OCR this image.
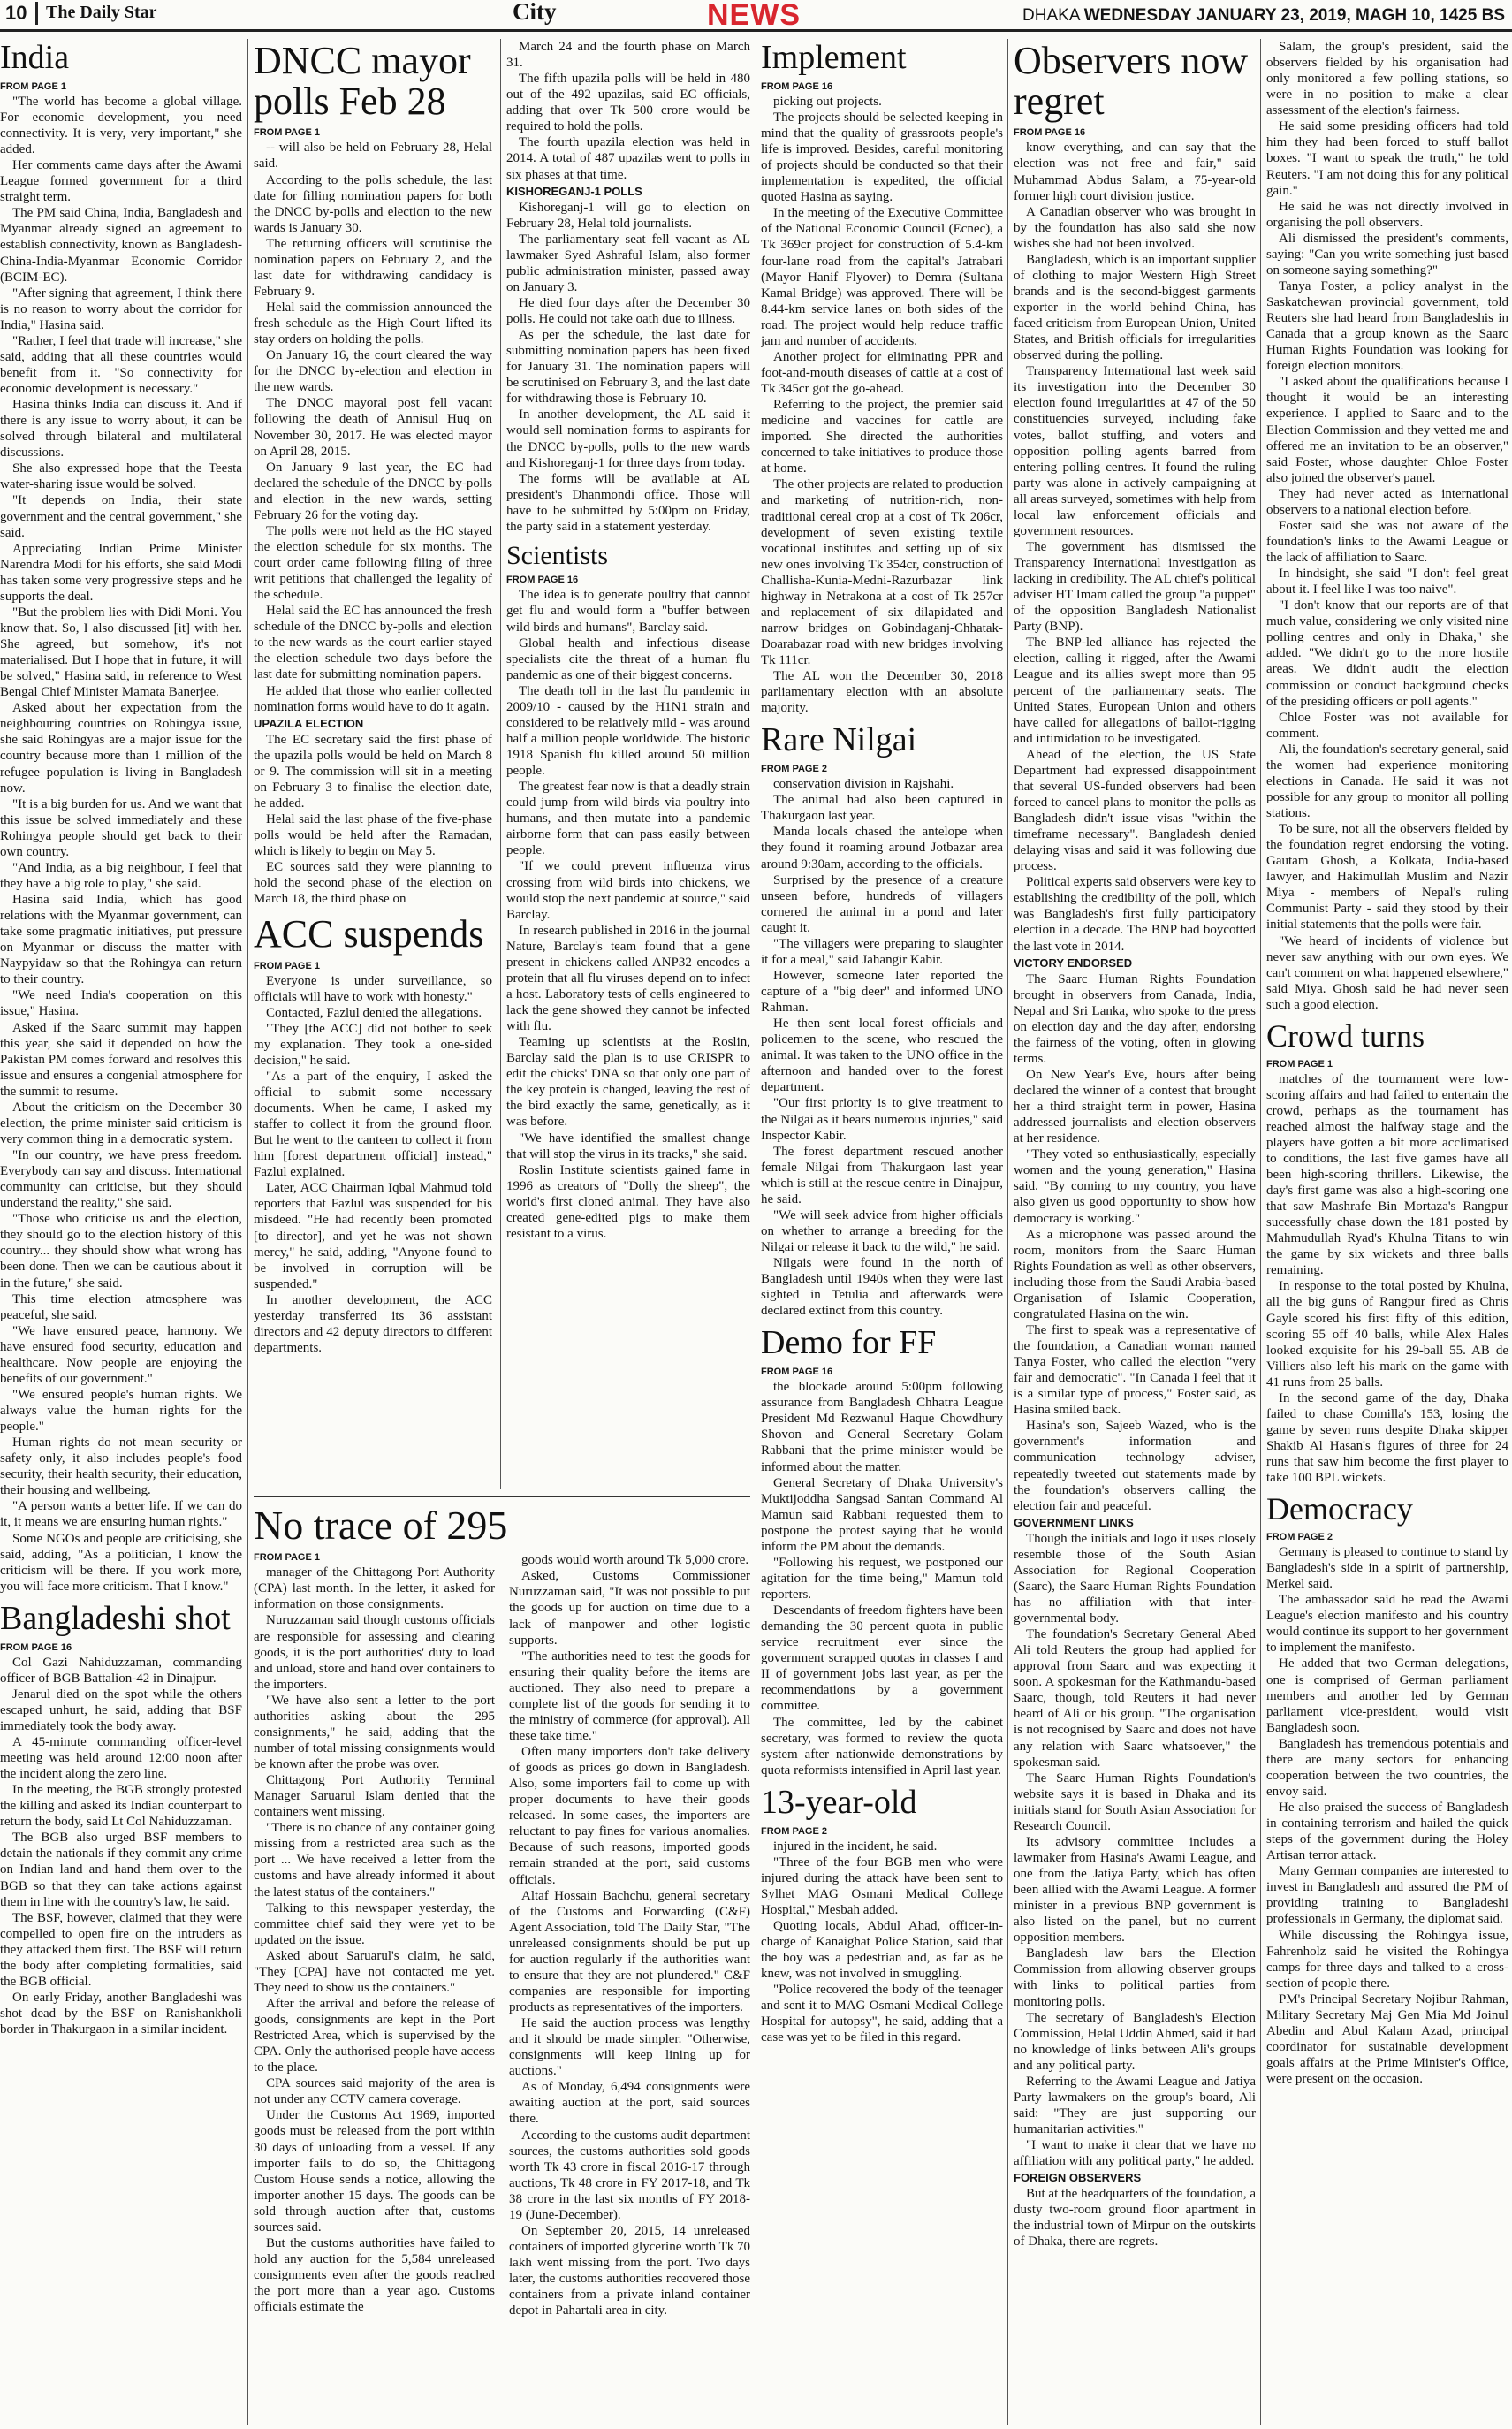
10	The Daily Star	City	NEWS	DHAKA WEDNESDAY JANUARY 23, 2019, MAGH 10, 1425 BS
India
FROM PAGE 1

"The world has become a global village. For economic development, you need connectivity. It is very, very important," she added.

Her comments came days after the Awami League formed government for a third straight term.

The PM said China, India, Bangladesh and Myanmar already signed an agreement to establish connectivity, known as Bangladesh-China-India-Myanmar Economic Corridor (BCIM-EC).

"After signing that agreement, I think there is no reason to worry about the corridor for India," Hasina said.

"Rather, I feel that trade will increase," she said, adding that all these countries would benefit from it. "So connectivity for economic development is necessary."

Hasina thinks India can discuss it. And if there is any issue to worry about, it can be solved through bilateral and multilateral discussions.

She also expressed hope that the Teesta water-sharing issue would be solved.

"It depends on India, their state government and the central government," she said.

Appreciating Indian Prime Minister Narendra Modi for his efforts, she said Modi has taken some very progressive steps and he supports the deal.

"But the problem lies with Didi Moni. You know that. So, I also discussed [it] with her. She agreed, but somehow, it's not materialised. But I hope that in future, it will be solved," Hasina said, in reference to West Bengal Chief Minister Mamata Banerjee.

Asked about her expectation from the neighbouring countries on Rohingya issue, she said Rohingyas are a major issue for the country because more than 1 million of the refugee population is living in Bangladesh now.

"It is a big burden for us. And we want that this issue be solved immediately and these Rohingya people should get back to their own country.

"And India, as a big neighbour, I feel that they have a big role to play," she said.

Hasina said India, which has good relations with the Myanmar government, can take some pragmatic initiatives, put pressure on Myanmar or discuss the matter with Naypyidaw so that the Rohingya can return to their country.

"We need India's cooperation on this issue," Hasina.

Asked if the Saarc summit may happen this year, she said it depended on how the Pakistan PM comes forward and resolves this issue and ensures a congenial atmosphere for the summit to resume.

About the criticism on the December 30 election, the prime minister said criticism is very common thing in a democratic system.

"In our country, we have press freedom. Everybody can say and discuss. International community can criticise, but they should understand the reality," she said.

"Those who criticise us and the election, they should go to the election history of this country... they should show what wrong has been done. Then we can be cautious about it in the future," she said.

This time election atmosphere was peaceful, she said.

"We have ensured peace, harmony. We have ensured food security, education and healthcare. Now people are enjoying the benefits of our government."

"We ensured people's human rights. We always value the human rights for the people."

Human rights do not mean security or safety only, it also includes people's food security, their health security, their education, their housing and wellbeing.

"A person wants a better life. If we can do it, it means we are ensuring human rights."

Some NGOs and people are criticising, she said, adding, "As a politician, I know the criticism will be there. If you work more, you will face more criticism. That I know."

Bangladeshi shot
FROM PAGE 16

Col Gazi Nahiduzzaman, commanding officer of BGB Battalion-42 in Dinajpur.

Jenarul died on the spot while the others escaped unhurt, he said, adding that BSF immediately took the body away.

A 45-minute commanding officer-level meeting was held around 12:00 noon after the incident along the zero line.

In the meeting, the BGB strongly protested the killing and asked its Indian counterpart to return the body, said Lt Col Nahiduzzaman.

The BGB also urged BSF members to detain the nationals if they commit any crime on Indian land and hand them over to the BGB so that they can take actions against them in line with the country's law, he said.

The BSF, however, claimed that they were compelled to open fire on the intruders as they attacked them first. The BSF will return the body after completing formalities, said the BGB official.

On early Friday, another Bangladeshi was shot dead by the BSF on Ranishankholi border in Thakurgaon in a similar incident.

DNCC mayor polls Feb 28
FROM PAGE 1

-- will also be held on February 28, Helal said.

According to the polls schedule, the last date for filling nomination papers for both the DNCC by-polls and election to the new wards is January 30.

The returning officers will scrutinise the nomination papers on February 2, and the last date for withdrawing candidacy is February 9.

Helal said the commission announced the fresh schedule as the High Court lifted its stay orders on holding the polls.

On January 16, the court cleared the way for the DNCC by-election and election in the new wards.

The DNCC mayoral post fell vacant following the death of Annisul Huq on November 30, 2017. He was elected mayor on April 28, 2015.

On January 9 last year, the EC had declared the schedule of the DNCC by-polls and election in the new wards, setting February 26 for the voting day.

The polls were not held as the HC stayed the election schedule for six months. The court order came following filing of three writ petitions that challenged the legality of the schedule.

Helal said the EC has announced the fresh schedule of the DNCC by-polls and election to the new wards as the court earlier stayed the election schedule two days before the last date for submitting nomination papers.

He added that those who earlier collected nomination forms would have to do it again.

UPAZILA ELECTION

The EC secretary said the first phase of the upazila polls would be held on March 8 or 9. The commission will sit in a meeting on February 3 to finalise the election date, he added.

Helal said the last phase of the five-phase polls would be held after the Ramadan, which is likely to begin on May 5.

EC sources said they were planning to hold the second phase of the election on March 18, the third phase on

ACC suspends
FROM PAGE 1

Everyone is under surveillance, so officials will have to work with honesty."

Contacted, Fazlul denied the allegations.

"They [the ACC] did not bother to seek my explanation. They took a one-sided decision," he said.

"As a part of the enquiry, I asked the official to submit some necessary documents. When he came, I asked my staffer to collect it from the ground floor. But he went to the canteen to collect it from him [forest department official] instead," Fazlul explained.

Later, ACC Chairman Iqbal Mahmud told reporters that Fazlul was suspended for his misdeed. "He had recently been promoted [to director], and yet he was not shown mercy," he said, adding, "Anyone found to be involved in corruption will be suspended."

In another development, the ACC yesterday transferred its 36 assistant directors and 42 deputy directors to different departments.

March 24 and the fourth phase on March 31.

The fifth upazila polls will be held in 480 out of the 492 upazilas, said EC officials, adding that over Tk 500 crore would be required to hold the polls.

The fourth upazila election was held in 2014. A total of 487 upazilas went to polls in six phases at that time.

KISHOREGANJ-1 POLLS

Kishoreganj-1 will go to election on February 28, Helal told journalists.

The parliamentary seat fell vacant as AL lawmaker Syed Ashraful Islam, also former public administration minister, passed away on January 3.

He died four days after the December 30 polls. He could not take oath due to illness.

As per the schedule, the last date for submitting nomination papers has been fixed for January 31. The nomination papers will be scrutinised on February 3, and the last date for withdrawing those is February 10.

In another development, the AL said it would sell nomination forms to aspirants for the DNCC by-polls, polls to the new wards and Kishoreganj-1 for three days from today.

The forms will be available at AL president's Dhanmondi office. Those will have to be submitted by 5:00pm on Friday, the party said in a statement yesterday.

Scientists
FROM PAGE 16

The idea is to generate poultry that cannot get flu and would form a "buffer between wild birds and humans", Barclay said.

Global health and infectious disease specialists cite the threat of a human flu pandemic as one of their biggest concerns.

The death toll in the last flu pandemic in 2009/10 - caused by the H1N1 strain and considered to be relatively mild - was around half a million people worldwide. The historic 1918 Spanish flu killed around 50 million people.

The greatest fear now is that a deadly strain could jump from wild birds via poultry into humans, and then mutate into a pandemic airborne form that can pass easily between people.

"If we could prevent influenza virus crossing from wild birds into chickens, we would stop the next pandemic at source," said Barclay.

In research published in 2016 in the journal Nature, Barclay's team found that a gene present in chickens called ANP32 encodes a protein that all flu viruses depend on to infect a host. Laboratory tests of cells engineered to lack the gene showed they cannot be infected with flu.

Teaming up scientists at the Roslin, Barclay said the plan is to use CRISPR to edit the chicks' DNA so that only one part of the key protein is changed, leaving the rest of the bird exactly the same, genetically, as it was before.

"We have identified the smallest change that will stop the virus in its tracks," she said.

Roslin Institute scientists gained fame in 1996 as creators of "Dolly the sheep", the world's first cloned animal. They have also created gene-edited pigs to make them resistant to a virus.

Implement
FROM PAGE 16

picking out projects.

The projects should be selected keeping in mind that the quality of grassroots people's life is improved. Besides, careful monitoring of projects should be conducted so that their implementation is expedited, the official quoted Hasina as saying.

In the meeting of the Executive Committee of the National Economic Council (Ecnec), a Tk 369cr project for construction of 5.4-km four-lane road from the capital's Jatrabari (Mayor Hanif Flyover) to Demra (Sultana Kamal Bridge) was approved. There will be 8.44-km service lanes on both sides of the road. The project would help reduce traffic jam and number of accidents.

Another project for eliminating PPR and foot-and-mouth diseases of cattle at a cost of Tk 345cr got the go-ahead.

Referring to the project, the premier said medicine and vaccines for cattle are imported. She directed the authorities concerned to take initiatives to produce those at home.

The other projects are related to production and marketing of nutrition-rich, non-traditional cereal crop at a cost of Tk 206cr, development of seven existing textile vocational institutes and setting up of six new ones involving Tk 354cr, construction of Challisha-Kunia-Medni-Razurbazar link highway in Netrakona at a cost of Tk 257cr and replacement of six dilapidated and narrow bridges on Gobindaganj-Chhatak-Doarabazar road with new bridges involving Tk 111cr.

The AL won the December 30, 2018 parliamentary election with an absolute majority.

Rare Nilgai
FROM PAGE 2

conservation division in Rajshahi.

The animal had also been captured in Thakurgaon last year.

Manda locals chased the antelope when they found it roaming around Jotbazar area around 9:30am, according to the officials.

Surprised by the presence of a creature unseen before, hundreds of villagers cornered the animal in a pond and later caught it.

"The villagers were preparing to slaughter it for a meal," said Jahangir Kabir.

However, someone later reported the capture of a "big deer" and informed UNO Rahman.

He then sent local forest officials and policemen to the scene, who rescued the animal. It was taken to the UNO office in the afternoon and handed over to the forest department.

"Our first priority is to give treatment to the Nilgai as it bears numerous injuries," said Inspector Kabir.

The forest department rescued another female Nilgai from Thakurgaon last year which is still at the rescue centre in Dinajpur, he said.

"We will seek advice from higher officials on whether to arrange a breeding for the Nilgai or release it back to the wild," he said.

Nilgais were found in the north of Bangladesh until 1940s when they were last sighted in Tetulia and afterwards were declared extinct from this country.

Demo for FF
FROM PAGE 16

the blockade around 5:00pm following assurance from Bangladesh Chhatra League President Md Rezwanul Haque Chowdhury Shovon and General Secretary Golam Rabbani that the prime minister would be informed about the matter.

General Secretary of Dhaka University's Muktijoddha Sangsad Santan Command Al Mamun said Rabbani requested them to postpone the protest saying that he would inform the PM about the demands.

"Following his request, we postponed our agitation for the time being," Mamun told reporters.

Descendants of freedom fighters have been demanding the 30 percent quota in public service recruitment ever since the government scrapped quotas in classes I and II of government jobs last year, as per the recommendations by a government committee.

The committee, led by the cabinet secretary, was formed to review the quota system after nationwide demonstrations by quota reformists intensified in April last year.

13-year-old
FROM PAGE 2

injured in the incident, he said.

"Three of the four BGB men who were injured during the attack have been sent to Sylhet MAG Osmani Medical College Hospital," Mesbah added.

Quoting locals, Abdul Ahad, officer-in-charge of Kanaighat Police Station, said that the boy was a pedestrian and, as far as he knew, was not involved in smuggling.

"Police recovered the body of the teenager and sent it to MAG Osmani Medical College Hospital for autopsy", he said, adding that a case was yet to be filed in this regard.

Observers now regret
FROM PAGE 16

know everything, and can say that the election was not free and fair," said Muhammad Abdus Salam, a 75-year-old former high court division justice.

A Canadian observer who was brought in by the foundation has also said she now wishes she had not been involved.

Bangladesh, which is an important supplier of clothing to major Western High Street brands and is the second-biggest garments exporter in the world behind China, has faced criticism from European Union, United States, and British officials for irregularities observed during the polling.

Transparency International last week said its investigation into the December 30 election found irregularities at 47 of the 50 constituencies surveyed, including fake votes, ballot stuffing, and voters and opposition polling agents barred from entering polling centres. It found the ruling party was alone in actively campaigning at all areas surveyed, sometimes with help from local law enforcement officials and government resources.

The government has dismissed the Transparency International investigation as lacking in credibility. The AL chief's political adviser HT Imam called the group "a puppet" of the opposition Bangladesh Nationalist Party (BNP).

The BNP-led alliance has rejected the election, calling it rigged, after the Awami League and its allies swept more than 95 percent of the parliamentary seats. The United States, European Union and others have called for allegations of ballot-rigging and intimidation to be investigated.

Ahead of the election, the US State Department had expressed disappointment that several US-funded observers had been forced to cancel plans to monitor the polls as Bangladesh didn't issue visas "within the timeframe necessary". Bangladesh denied delaying visas and said it was following due process.

Political experts said observers were key to establishing the credibility of the poll, which was Bangladesh's first fully participatory election in a decade. The BNP had boycotted the last vote in 2014.

VICTORY ENDORSED

The Saarc Human Rights Foundation brought in observers from Canada, India, Nepal and Sri Lanka, who spoke to the press on election day and the day after, endorsing the fairness of the voting, often in glowing terms.

On New Year's Eve, hours after being declared the winner of a contest that brought her a third straight term in power, Hasina addressed journalists and election observers at her residence.

"They voted so enthusiastically, especially women and the young generation," Hasina said. "By coming to my country, you have also given us good opportunity to show how democracy is working."

As a microphone was passed around the room, monitors from the Saarc Human Rights Foundation as well as other observers, including those from the Saudi Arabia-based Organisation of Islamic Cooperation, congratulated Hasina on the win.

The first to speak was a representative of the foundation, a Canadian woman named Tanya Foster, who called the election "very fair and democratic". "In Canada I feel that it is a similar type of process," Foster said, as Hasina smiled back.

Hasina's son, Sajeeb Wazed, who is the government's information and communication technology adviser, repeatedly tweeted out statements made by the foundation's observers calling the election fair and peaceful.

GOVERNMENT LINKS

Though the initials and logo it uses closely resemble those of the South Asian Association for Regional Cooperation (Saarc), the Saarc Human Rights Foundation has no affiliation with that inter-governmental body.

The foundation's Secretary General Abed Ali told Reuters the group had applied for approval from Saarc and was expecting it soon. A spokesman for the Kathmandu-based Saarc, though, told Reuters it had never heard of Ali or his group. "The organisation is not recognised by Saarc and does not have any relation with Saarc whatsoever," the spokesman said.

The Saarc Human Rights Foundation's website says it is based in Dhaka and its initials stand for South Asian Association for Research Council.

Its advisory committee includes a lawmaker from Hasina's Awami League, and one from the Jatiya Party, which has often been allied with the Awami League. A former minister in a previous BNP government is also listed on the panel, but no current opposition members.

Bangladesh law bars the Election Commission from allowing observer groups with links to political parties from monitoring polls.

The secretary of Bangladesh's Election Commission, Helal Uddin Ahmed, said it had no knowledge of links between Ali's groups and any political party.

Referring to the Awami League and Jatiya Party lawmakers on the group's board, Ali said: "They are just supporting our humanitarian activities."

"I want to make it clear that we have no affiliation with any political party," he added.

FOREIGN OBSERVERS

But at the headquarters of the foundation, a dusty two-room ground floor apartment in the industrial town of Mirpur on the outskirts of Dhaka, there are regrets.

Salam, the group's president, said the observers fielded by his organisation had only monitored a few polling stations, so were in no position to make a clear assessment of the election's fairness.

He said some presiding officers had told him they had been forced to stuff ballot boxes. "I want to speak the truth," he told Reuters. "I am not doing this for any political gain."

He said he was not directly involved in organising the poll observers.

Ali dismissed the president's comments, saying: "Can you write something just based on someone saying something?"

Tanya Foster, a policy analyst in the Saskatchewan provincial government, told Reuters she had heard from Bangladeshis in Canada that a group known as the Saarc Human Rights Foundation was looking for foreign election monitors.

"I asked about the qualifications because I thought it would be an interesting experience. I applied to Saarc and to the Election Commission and they vetted me and offered me an invitation to be an observer," said Foster, whose daughter Chloe Foster also joined the observer's panel.

They had never acted as international observers to a national election before.

Foster said she was not aware of the foundation's links to the Awami League or the lack of affiliation to Saarc.

In hindsight, she said "I don't feel great about it. I feel like I was too naive".

"I don't know that our reports are of that much value, considering we only visited nine polling centres and only in Dhaka," she added. "We didn't go to the more hostile areas. We didn't audit the election commission or conduct background checks of the presiding officers or poll agents."

Chloe Foster was not available for comment.

Ali, the foundation's secretary general, said the women had experience monitoring elections in Canada. He said it was not possible for any group to monitor all polling stations.

To be sure, not all the observers fielded by the foundation regret endorsing the voting. Gautam Ghosh, a Kolkata, India-based lawyer, and Hakimullah Muslim and Nazir Miya - members of Nepal's ruling Communist Party - said they stood by their initial statements that the polls were fair.

"We heard of incidents of violence but never saw anything with our own eyes. We can't comment on what happened elsewhere," said Miya. Ghosh said he had never seen such a good election.

Crowd turns
FROM PAGE 1

matches of the tournament were low-scoring affairs and had failed to entertain the crowd, perhaps as the tournament has reached almost the halfway stage and the players have gotten a bit more acclimatised to conditions, the last five games have all been high-scoring thrillers. Likewise, the day's first game was also a high-scoring one that saw Mashrafe Bin Mortaza's Rangpur successfully chase down the 181 posted by Mahmudullah Ryad's Khulna Titans to win the game by six wickets and three balls remaining.

In response to the total posted by Khulna, all the big guns of Rangpur fired as Chris Gayle scored his first fifty of this edition, scoring 55 off 40 balls, while Alex Hales looked exquisite for his 29-ball 55. AB de Villiers also left his mark on the game with 41 runs from 25 balls.

In the second game of the day, Dhaka failed to chase Comilla's 153, losing the game by seven runs despite Dhaka skipper Shakib Al Hasan's figures of three for 24 runs that saw him become the first player to take 100 BPL wickets.

Democracy
FROM PAGE 2

Germany is pleased to continue to stand by Bangladesh's side in a spirit of partnership, Merkel said.

The ambassador said he read the Awami League's election manifesto and his country would continue its support to her government to implement the manifesto.

He added that two German delegations, one is comprised of German parliament members and another led by German parliament vice-president, would visit Bangladesh soon.

Bangladesh has tremendous potentials and there are many sectors for enhancing cooperation between the two countries, the envoy said.

He also praised the success of Bangladesh in containing terrorism and hailed the quick steps of the government during the Holey Artisan terror attack.

Many German companies are interested to invest in Bangladesh and assured the PM of providing training to Bangladeshi professionals in Germany, the diplomat said.

While discussing the Rohingya issue, Fahrenholz said he visited the Rohingya camps for three days and talked to a cross-section of people there.

PM's Principal Secretary Nojibur Rahman, Military Secretary Maj Gen Mia Md Joinul Abedin and Abul Kalam Azad, principal coordinator for sustainable development goals affairs at the Prime Minister's Office, were present on the occasion.

No trace of 295
FROM PAGE 1

manager of the Chittagong Port Authority (CPA) last month. In the letter, it asked for information on those consignments.

Nuruzzaman said though customs officials are responsible for assessing and clearing goods, it is the port authorities' duty to load and unload, store and hand over containers to the importers.

"We have also sent a letter to the port authorities asking about the 295 consignments," he said, adding that the number of total missing consignments would be known after the probe was over.

Chittagong Port Authority Terminal Manager Saruarul Islam denied that the containers went missing.

"There is no chance of any container going missing from a restricted area such as the port ... We have received a letter from the customs and have already informed it about the latest status of the containers."

Talking to this newspaper yesterday, the committee chief said they were yet to be updated on the issue.

Asked about Saruarul's claim, he said, "They [CPA] have not contacted me yet. They need to show us the containers."

After the arrival and before the release of goods, consignments are kept in the Port Restricted Area, which is supervised by the CPA. Only the authorised people have access to the place.

CPA sources said majority of the area is not under any CCTV camera coverage.

Under the Customs Act 1969, imported goods must be released from the port within 30 days of unloading from a vessel. If any importer fails to do so, the Chittagong Custom House sends a notice, allowing the importer another 15 days. The goods can be sold through auction after that, customs sources said.

But the customs authorities have failed to hold any auction for the 5,584 unreleased consignments even after the goods reached the port more than a year ago. Customs officials estimate the

goods would worth around Tk 5,000 crore.

Asked, Customs Commissioner Nuruzzaman said, "It was not possible to put the goods up for auction on time due to a lack of manpower and other logistic supports.

"The authorities need to test the goods for ensuring their quality before the items are auctioned. They also need to prepare a complete list of the goods for sending it to the ministry of commerce (for approval). All these take time."

Often many importers don't take delivery of goods as prices go down in Bangladesh. Also, some importers fail to come up with proper documents to have their goods released. In some cases, the importers are reluctant to pay fines for various anomalies. Because of such reasons, imported goods remain stranded at the port, said customs officials.

Altaf Hossain Bachchu, general secretary of the Customs and Forwarding (C&F) Agent Association, told The Daily Star, "The unreleased consignments should be put up for auction regularly if the authorities want to ensure that they are not plundered." C&F companies are responsible for importing products as representatives of the importers.

He said the auction process was lengthy and it should be made simpler. "Otherwise, consignments will keep lining up for auctions."

As of Monday, 6,494 consignments were awaiting auction at the port, said sources there.

According to the customs audit department sources, the customs authorities sold goods worth Tk 43 crore in fiscal 2016-17 through auctions, Tk 48 crore in FY 2017-18, and Tk 38 crore in the last six months of FY 2018-19 (June-December).

On September 20, 2015, 14 unreleased containers of imported glycerine worth Tk 70 lakh went missing from the port. Two days later, the customs authorities recovered those containers from a private inland container depot in Pahartali area in city.
